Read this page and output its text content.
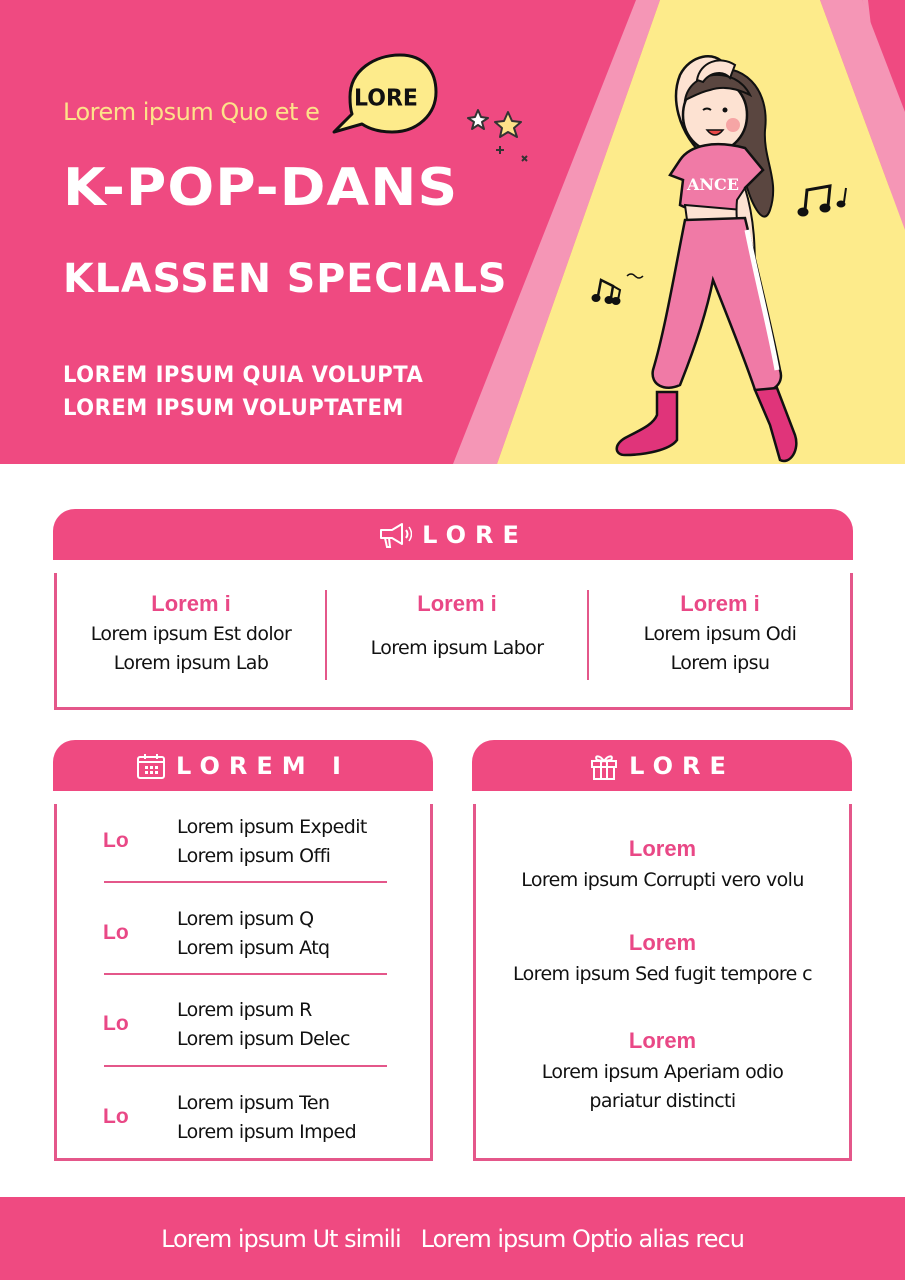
Lorem ipsum Quo et e LORE
K-POP-DANS
KLASSEN SPECIALS
LOREM IPSUM QUIA VOLUPTA
LOREM IPSUM VOLUPTATEM
ANCE
LORE
Lorem i
Lorem ipsum Est dolor
Lorem ipsum Lab
Lorem i
Lorem ipsum Labor
Lorem i
Lorem ipsum Odi
Lorem ipsu
LOREM I
Lo
Lorem ipsum Expedit
Lorem ipsum Offi
Lo
Lorem ipsum Q
Lorem ipsum Atq
Lo
Lorem ipsum R
Lorem ipsum Delec
Lo
Lorem ipsum Ten
Lorem ipsum Imped
LORE
Lorem
Lorem ipsum Corrupti vero volu
Lorem
Lorem ipsum Sed fugit tempore c
Lorem
Lorem ipsum Aperiam odio pariatur distincti
Lorem ipsum Ut simili Lorem ipsum Optio alias recu
